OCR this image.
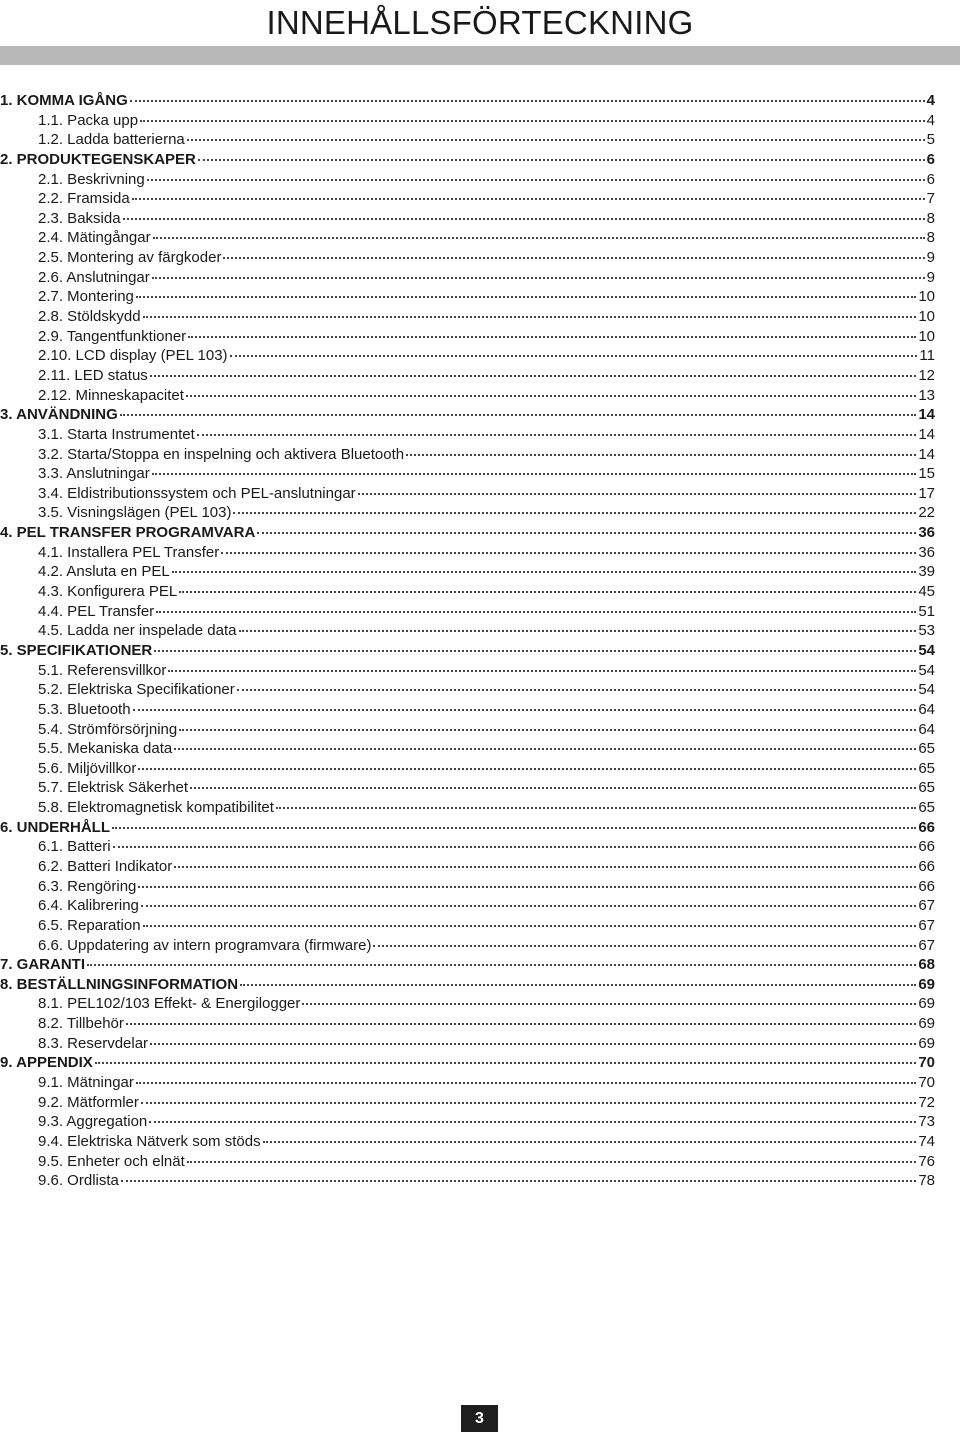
INNEHÅLLSFÖRTECKNING
1. KOMMA IGÅNG	4
1.1. Packa upp	4
1.2. Ladda batterierna	5
2. PRODUKTEGENSKAPER	6
2.1. Beskrivning	6
2.2. Framsida	7
2.3. Baksida	8
2.4. Mätingångar	8
2.5. Montering av färgkoder	9
2.6. Anslutningar	9
2.7. Montering	10
2.8. Stöldskydd	10
2.9. Tangentfunktioner	10
2.10. LCD display (PEL 103)	11
2.11. LED status	12
2.12. Minneskapacitet	13
3. ANVÄNDNING	14
3.1. Starta Instrumentet	14
3.2. Starta/Stoppa en inspelning och aktivera Bluetooth	14
3.3. Anslutningar	15
3.4. Eldistributionssystem och PEL-anslutningar	17
3.5. Visningslägen (PEL 103)	22
4. PEL TRANSFER PROGRAMVARA	36
4.1. Installera PEL Transfer	36
4.2. Ansluta en PEL	39
4.3. Konfigurera PEL	45
4.4. PEL Transfer	51
4.5. Ladda ner inspelade data	53
5. SPECIFIKATIONER	54
5.1. Referensvillkor	54
5.2. Elektriska Specifikationer	54
5.3. Bluetooth	64
5.4. Strömförsörjning	64
5.5. Mekaniska data	65
5.6. Miljövillkor	65
5.7. Elektrisk Säkerhet	65
5.8. Elektromagnetisk kompatibilitet	65
6. UNDERHÅLL	66
6.1. Batteri	66
6.2. Batteri Indikator	66
6.3. Rengöring	66
6.4. Kalibrering	67
6.5. Reparation	67
6.6. Uppdatering av intern programvara (firmware)	67
7. GARANTI	68
8. BESTÄLLNINGSINFORMATION	69
8.1. PEL102/103 Effekt- & Energilogger	69
8.2. Tillbehör	69
8.3. Reservdelar	69
9. APPENDIX	70
9.1. Mätningar	70
9.2. Mätformler	72
9.3. Aggregation	73
9.4. Elektriska Nätverk som stöds	74
9.5. Enheter och elnät	76
9.6. Ordlista	78
3
